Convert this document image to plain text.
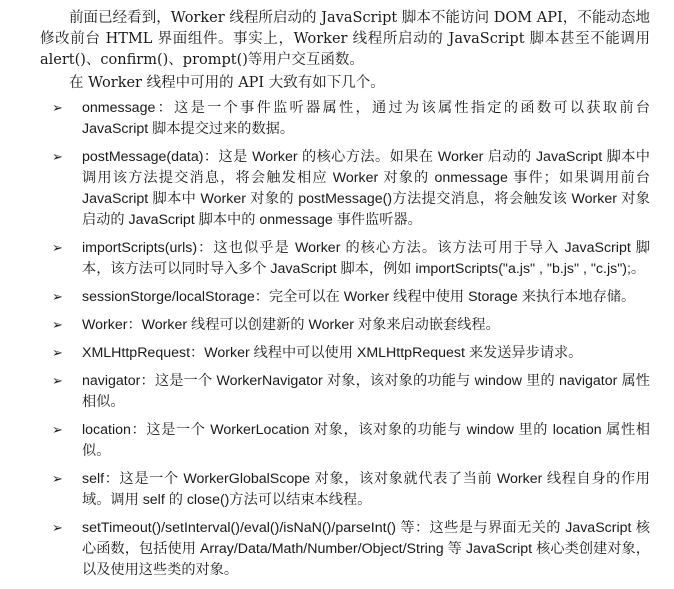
前面已经看到，Worker 线程所启动的 JavaScript 脚本不能访问 DOM API，不能动态地修改前台 HTML 界面组件。事实上，Worker 线程所启动的 JavaScript 脚本甚至不能调用 alert()、confirm()、prompt()等用户交互函数。

在 Worker 线程中可用的 API 大致有如下几个。

➢ onmessage：这是一个事件监听器属性，通过为该属性指定的函数可以获取前台 JavaScript 脚本提交过来的数据。
➢ postMessage(data)：这是 Worker 的核心方法。如果在 Worker 启动的 JavaScript 脚本中调用该方法提交消息，将会触发相应 Worker 对象的 onmessage 事件；如果调用前台 JavaScript 脚本中 Worker 对象的 postMessage()方法提交消息，将会触发该 Worker 对象启动的 JavaScript 脚本中的 onmessage 事件监听器。
➢ importScripts(urls)：这也似乎是 Worker 的核心方法。该方法可用于导入 JavaScript 脚本，该方法可以同时导入多个 JavaScript 脚本，例如 importScripts("a.js" , "b.js" , "c.js");。
➢ sessionStorge/localStorage：完全可以在 Worker 线程中使用 Storage 来执行本地存储。
➢ Worker：Worker 线程可以创建新的 Worker 对象来启动嵌套线程。
➢ XMLHttpRequest：Worker 线程中可以使用 XMLHttpRequest 来发送异步请求。
➢ navigator：这是一个 WorkerNavigator 对象，该对象的功能与 window 里的 navigator 属性相似。
➢ location：这是一个 WorkerLocation 对象，该对象的功能与 window 里的 location 属性相似。
➢ self：这是一个 WorkerGlobalScope 对象，该对象就代表了当前 Worker 线程自身的作用域。调用 self 的 close()方法可以结束本线程。
➢ setTimeout()/setInterval()/eval()/isNaN()/parseInt() 等：这些是与界面无关的 JavaScript 核心函数，包括使用 Array/Data/Math/Number/Object/String 等 JavaScript 核心类创建对象，以及使用这些类的对象。
